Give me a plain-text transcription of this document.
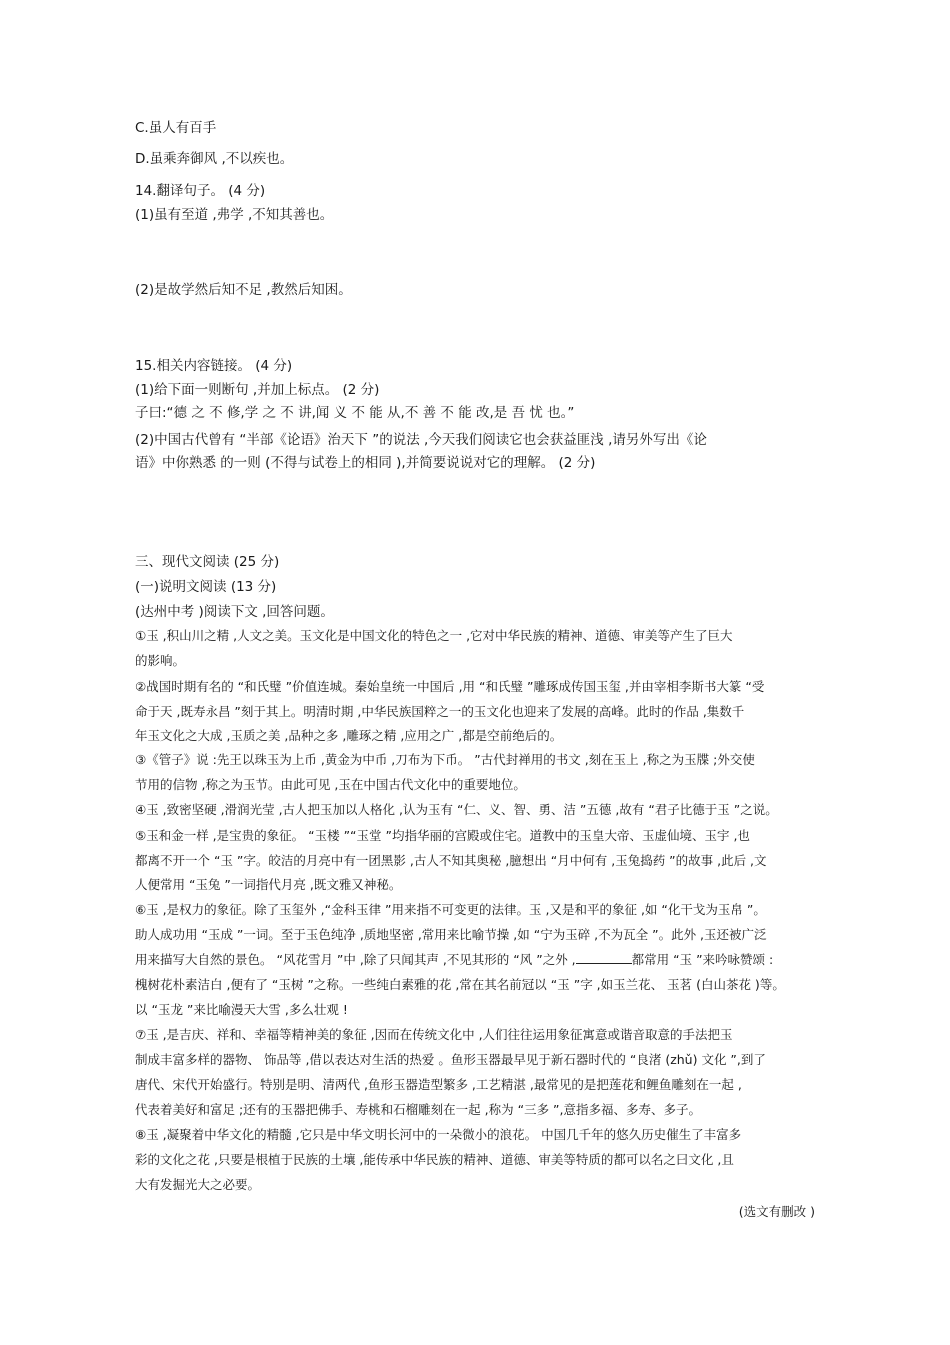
C.虽人有百手
D.虽乘奔御风 ,不以疾也。
14.翻译句子。 (4 分)
(1)虽有至道 ,弗学 ,不知其善也。
(2)是故学然后知不足 ,教然后知困。
15.相关内容链接。 (4 分)
(1)给下面一则断句 ,并加上标点。 (2 分)
子曰:“德 之 不 修,学 之 不 讲,闻 义 不 能 从,不 善 不 能 改,是 吾 忧 也。”
(2)中国古代曾有 “半部《论语》治天下 ”的说法 ,今天我们阅读它也会获益匪浅 ,请另外写出《论
语》中你熟悉 的一则 (不得与试卷上的相同 ),并简要说说对它的理解。 (2 分)
三、现代文阅读 (25 分)
(一)说明文阅读 (13 分)
(达州中考 )阅读下文 ,回答问题。
①玉 ,积山川之精 ,人文之美。玉文化是中国文化的特色之一 ,它对中华民族的精神、道德、审美等产生了巨大
的影响。
②战国时期有名的 “和氏璧 ”价值连城。秦始皇统一中国后 ,用 “和氏璧 ”雕琢成传国玉玺 ,并由宰相李斯书大篆 “受
命于天 ,既寿永昌 ”刻于其上。明清时期 ,中华民族国粹之一的玉文化也迎来了发展的高峰。此时的作品 ,集数千
年玉文化之大成 ,玉质之美 ,品种之多 ,雕琢之精 ,应用之广 ,都是空前绝后的。
③《管子》说 :先王以珠玉为上币 ,黄金为中币 ,刀布为下币。 ”古代封禅用的书文 ,刻在玉上 ,称之为玉牒 ;外交使
节用的信物 ,称之为玉节。由此可见 ,玉在中国古代文化中的重要地位。
④玉 ,致密坚硬 ,滑润光莹 ,古人把玉加以人格化 ,认为玉有 “仁、义、智、勇、洁 ”五德 ,故有 “君子比德于玉 ”之说。
⑤玉和金一样 ,是宝贵的象征。 “玉楼 ”“玉堂 ”均指华丽的宫殿或住宅。道教中的玉皇大帝、玉虚仙境、玉宇 ,也
都离不开一个 “玉 ”字。皎洁的月亮中有一团黑影 ,古人不知其奥秘 ,臆想出 “月中何有 ,玉兔捣药 ”的故事 ,此后 ,文
人便常用 “玉兔 ”一词指代月亮 ,既文雅又神秘。
⑥玉 ,是权力的象征。除了玉玺外 ,“金科玉律 ”用来指不可变更的法律。玉 ,又是和平的象征 ,如 “化干戈为玉帛 ”。
助人成功用 “玉成 ”一词。至于玉色纯净 ,质地坚密 ,常用来比喻节操 ,如 “宁为玉碎 ,不为瓦全 ”。此外 ,玉还被广泛
用来描写大自然的景色。 “风花雪月 ”中 ,除了只闻其声 ,不见其形的 “风 ”之外 ,	都常用 “玉 ”来吟咏赞颂 :
槐树花朴素洁白 ,便有了 “玉树 ”之称。一些纯白素雅的花 ,常在其名前冠以 “玉 ”字 ,如玉兰花、 玉茗 (白山茶花 )等。
以 “玉龙 ”来比喻漫天大雪 ,多么壮观 !
⑦玉 ,是吉庆、祥和、幸福等精神美的象征 ,因而在传统文化中 ,人们往往运用象征寓意或谐音取意的手法把玉
制成丰富多样的器物、 饰品等 ,借以表达对生活的热爱 。鱼形玉器最早见于新石器时代的 “良渚 (zhǔ) 文化 ”,到了
唐代、宋代开始盛行。特别是明、清两代 ,鱼形玉器造型繁多 ,工艺精湛 ,最常见的是把莲花和鲤鱼雕刻在一起 ,
代表着美好和富足 ;还有的玉器把佛手、寿桃和石榴雕刻在一起 ,称为 “三多 ”,意指多福、多寿、多子。
⑧玉 ,凝聚着中华文化的精髓 ,它只是中华文明长河中的一朵微小的浪花。 中国几千年的悠久历史催生了丰富多
彩的文化之花 ,只要是根植于民族的土壤 ,能传承中华民族的精神、道德、审美等特质的都可以名之曰文化 ,且
大有发掘光大之必要。
(选文有删改 )
